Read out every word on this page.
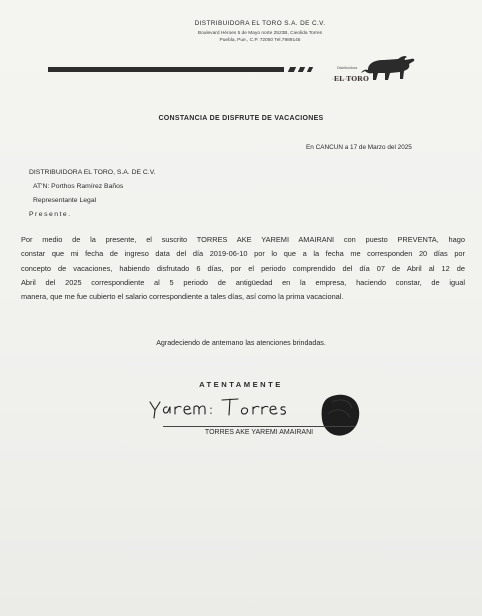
DISTRIBUIDORA EL TORO S.A. DE C.V.
Boulevard Héroes 5 de Mayo norte 2523B, Cieolida Torres
Puebla, Pue., C.P. 72050 Tel.7989145
Distribuidora
EL TORO
CONSTANCIA DE DISFRUTE DE VACACIONES
En CANCUN a 17 de Marzo del 2025
DISTRIBUIDORA EL TORO, S.A. DE C.V.
AT'N: Porthos Ramírez Baños
Representante Legal
Presente.

Por medio de la presente, el suscrito TORRES AKE YAREMI AMAIRANI con puesto PREVENTA, hago

constar que mi fecha de ingreso data del día 2019-06-10 por lo que a la fecha me corresponden 20 días por

concepto de vacaciones, habiendo disfrutado 6 días, por el periodo comprendido del día 07 de Abril al 12 de

Abril del 2025 correspondiente al 5 periodo de antigüedad en la empresa, haciendo constar, de igual

manera, que me fue cubierto el salario correspondiente a tales días, así como la prima vacacional.

Agradeciendo de antemano las atenciones brindadas.
ATENTAMENTE
TORRES AKE YAREMI AMAIRANI
